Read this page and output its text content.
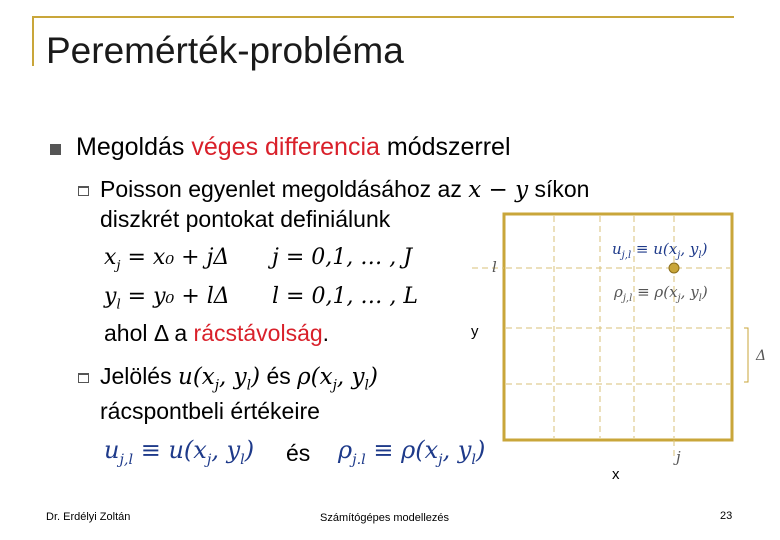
Peremérték-probléma
Megoldás véges differencia módszerrel
Poisson egyenlet megoldásához az x − y síkon
diszkrét pontokat definiálunk
$x_j = x_0 + j\Delta$ j = 0,1, … , J
$y_l = y_0 + l\Delta$ l = 0,1, … , L
ahol Δ a rácstávolság.
Jelölés $u(x_j$, $y_l$) és $\rho(x_j$, $y_l$)
rácspontbeli értékeire
$u_{j,l} \equiv u(x_j$, $y_l$) és $\rho_{j.l} \equiv \rho(x_j$, $y_l$)
l
j
Δ
y
x
$u_{j,l} \equiv u(x_j$, $y_l$)
$\rho_{j,l} \equiv \rho(x_j$, $y_l$)
Dr. Erdélyi Zoltán	Számítógépes modellezés	23
